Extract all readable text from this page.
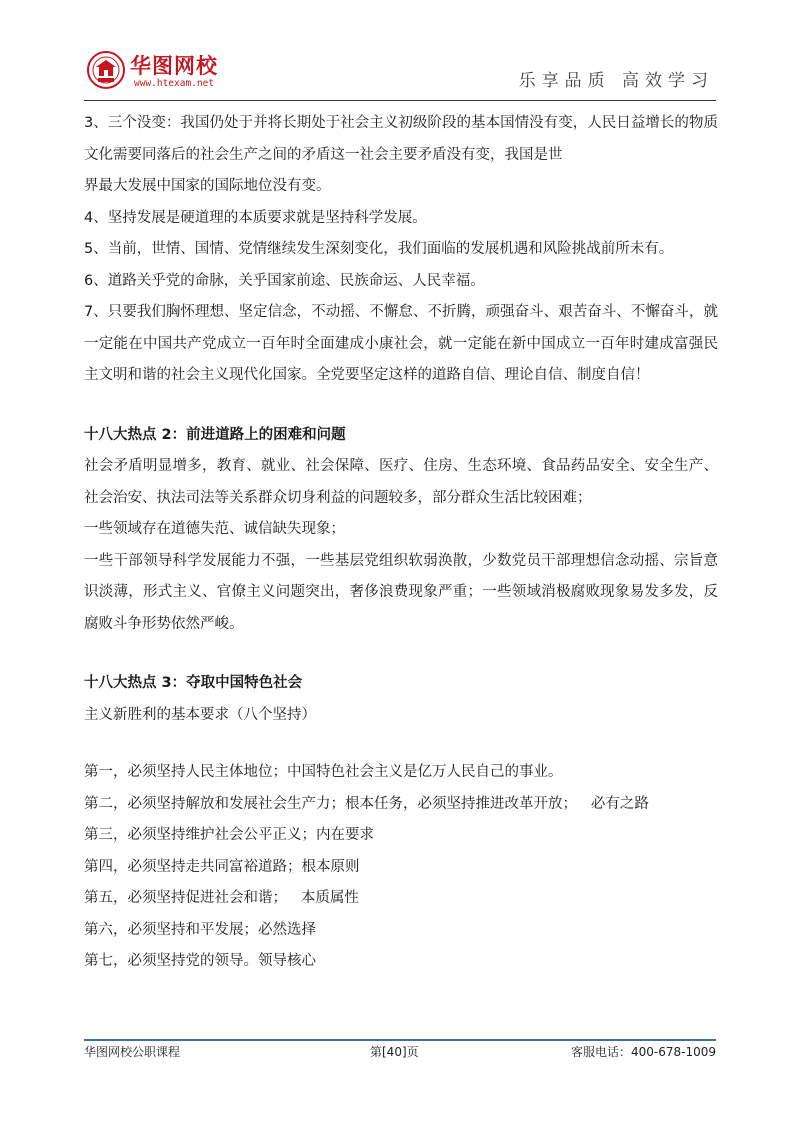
华图网校
www.htexam.net	乐享品质 高效学习

3、三个没变：我国仍处于并将长期处于社会主义初级阶段的基本国情没有变，人民日益增长的物质文化需要同落后的社会生产之间的矛盾这一社会主要矛盾没有变，我国是世

界最大发展中国家的国际地位没有变。

4、坚持发展是硬道理的本质要求就是坚持科学发展。

5、当前，世情、国情、党情继续发生深刻变化，我们面临的发展机遇和风险挑战前所未有。

6、道路关乎党的命脉，关乎国家前途、民族命运、人民幸福。

7、只要我们胸怀理想、坚定信念，不动摇、不懈怠、不折腾，顽强奋斗、艰苦奋斗、不懈奋斗，就一定能在中国共产党成立一百年时全面建成小康社会，就一定能在新中国成立一百年时建成富强民主文明和谐的社会主义现代化国家。全党要坚定这样的道路自信、理论自信、制度自信！

十八大热点 2：前进道路上的困难和问题

社会矛盾明显增多，教育、就业、社会保障、医疗、住房、生态环境、食品药品安全、安全生产、社会治安、执法司法等关系群众切身利益的问题较多，部分群众生活比较困难；

一些领域存在道德失范、诚信缺失现象；

一些干部领导科学发展能力不强，一些基层党组织软弱涣散，少数党员干部理想信念动摇、宗旨意识淡薄，形式主义、官僚主义问题突出，奢侈浪费现象严重；一些领域消极腐败现象易发多发，反腐败斗争形势依然严峻。

十八大热点 3：夺取中国特色社会

主义新胜利的基本要求（八个坚持）

第一，必须坚持人民主体地位；中国特色社会主义是亿万人民自己的事业。

第二，必须坚持解放和发展社会生产力；根本任务，必须坚持推进改革开放；   必有之路

第三，必须坚持维护社会公平正义；内在要求

第四，必须坚持走共同富裕道路；根本原则

第五，必须坚持促进社会和谐；   本质属性

第六，必须坚持和平发展；必然选择

第七，必须坚持党的领导。领导核心

华图网校公职课程	第[40]页	客服电话：400-678-1009
